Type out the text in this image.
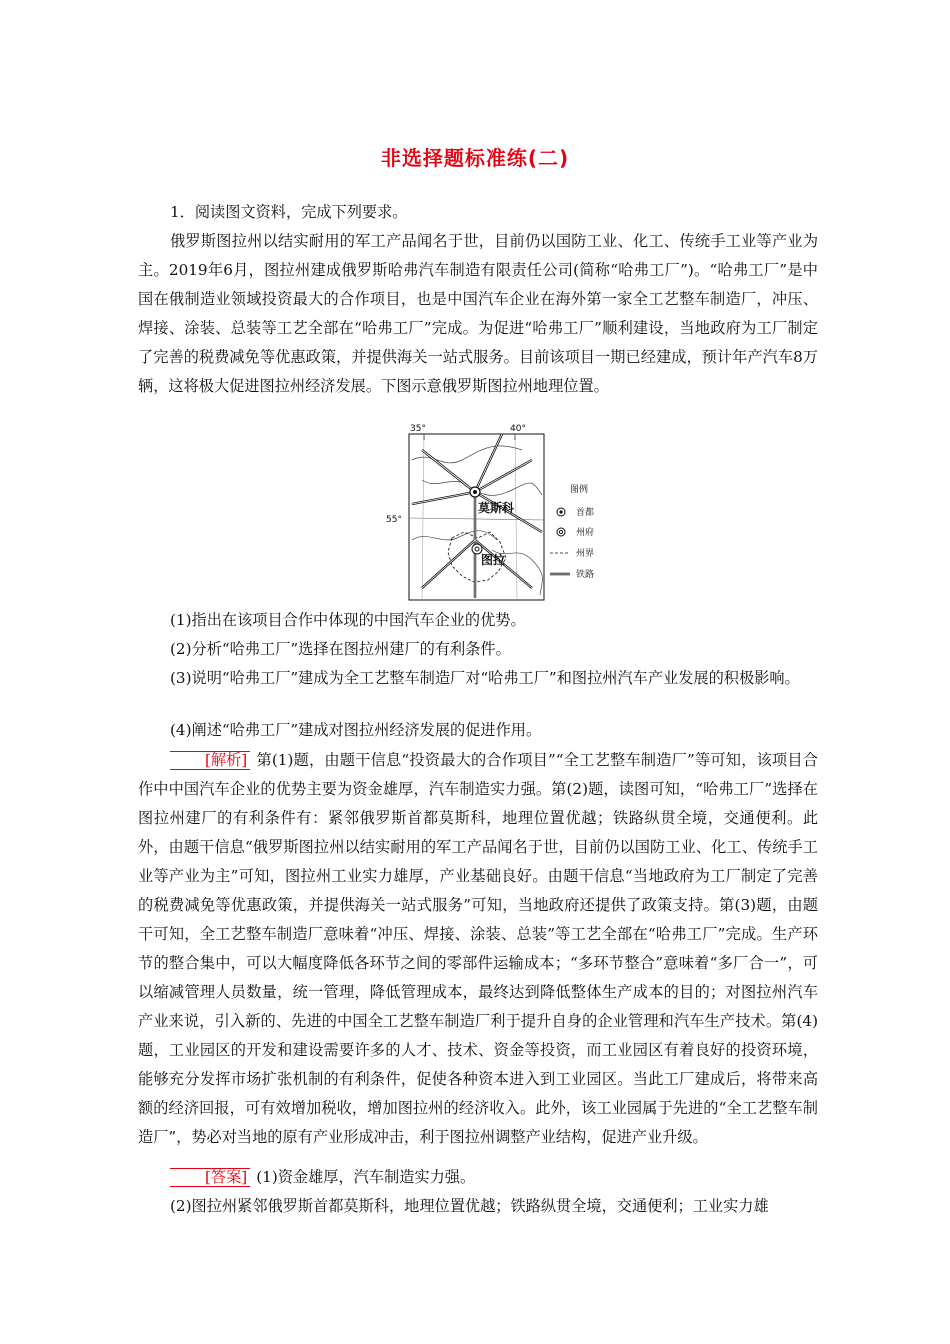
非选择题标准练(二)

1．阅读图文资料，完成下列要求。

俄罗斯图拉州以结实耐用的军工产品闻名于世，目前仍以国防工业、化工、传统手工业等产业为主。2019年6月，图拉州建成俄罗斯哈弗汽车制造有限责任公司(简称“哈弗工厂”)。“哈弗工厂”是中国在俄制造业领域投资最大的合作项目，也是中国汽车企业在海外第一家全工艺整车制造厂，冲压、焊接、涂装、总装等工艺全部在“哈弗工厂”完成。为促进“哈弗工厂”顺利建设，当地政府为工厂制定了完善的税费减免等优惠政策，并提供海关一站式服务。目前该项目一期已经建成，预计年产汽车8万辆，这将极大促进图拉州经济发展。下图示意俄罗斯图拉州地理位置。

35°	40°
55°
莫斯科
图拉
图例
首都
州府
州界
铁路

(1)指出在该项目合作中体现的中国汽车企业的优势。

(2)分析“哈弗工厂”选择在图拉州建厂的有利条件。

(3)说明“哈弗工厂”建成为全工艺整车制造厂对“哈弗工厂”和图拉州汽车产业发展的积极影响。

(4)阐述“哈弗工厂”建成对图拉州经济发展的促进作用。

[解析] 第(1)题，由题干信息“投资最大的合作项目”“全工艺整车制造厂”等可知，该项目合作中中国汽车企业的优势主要为资金雄厚，汽车制造实力强。第(2)题，读图可知，“哈弗工厂”选择在图拉州建厂的有利条件有：紧邻俄罗斯首都莫斯科，地理位置优越；铁路纵贯全境，交通便利。此外，由题干信息“俄罗斯图拉州以结实耐用的军工产品闻名于世，目前仍以国防工业、化工、传统手工业等产业为主”可知，图拉州工业实力雄厚，产业基础良好。由题干信息“当地政府为工厂制定了完善的税费减免等优惠政策，并提供海关一站式服务”可知，当地政府还提供了政策支持。第(3)题，由题干可知，全工艺整车制造厂意味着“冲压、焊接、涂装、总装”等工艺全部在“哈弗工厂”完成。生产环节的整合集中，可以大幅度降低各环节之间的零部件运输成本；“多环节整合”意味着“多厂合一”，可以缩减管理人员数量，统一管理，降低管理成本，最终达到降低整体生产成本的目的；对图拉州汽车产业来说，引入新的、先进的中国全工艺整车制造厂利于提升自身的企业管理和汽车生产技术。第(4)题，工业园区的开发和建设需要许多的人才、技术、资金等投资，而工业园区有着良好的投资环境，能够充分发挥市场扩张机制的有利条件，促使各种资本进入到工业园区。当此工厂建成后，将带来高额的经济回报，可有效增加税收，增加图拉州的经济收入。此外，该工业园属于先进的“全工艺整车制造厂”，势必对当地的原有产业形成冲击，利于图拉州调整产业结构，促进产业升级。

[答案] (1)资金雄厚，汽车制造实力强。

(2)图拉州紧邻俄罗斯首都莫斯科，地理位置优越；铁路纵贯全境，交通便利；工业实力雄
